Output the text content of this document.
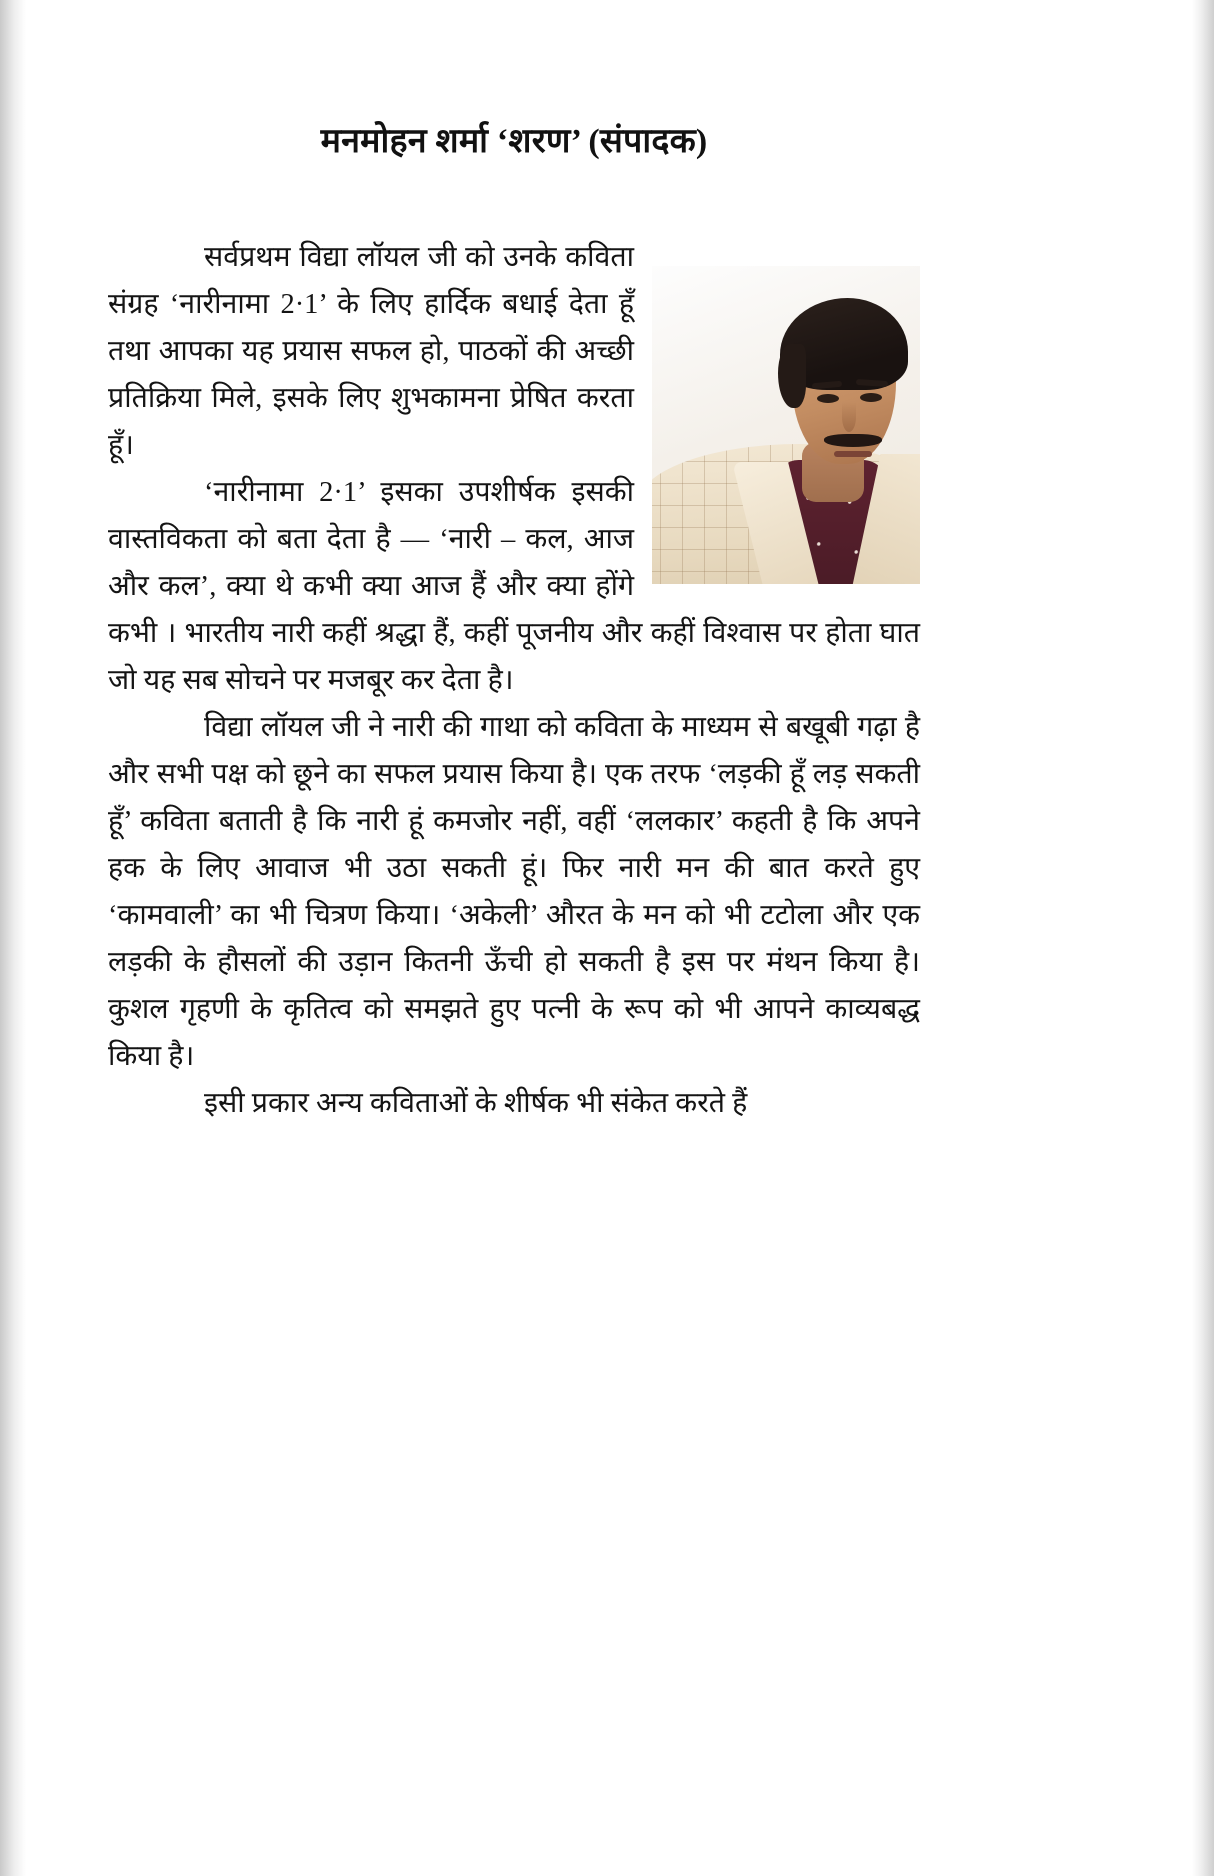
मनमोहन शर्मा ‘शरण’ (संपादक)

सर्वप्रथम विद्या लॉयल जी को उनके कविता संग्रह ‘नारीनामा 2·1’ के लिए हार्दिक बधाई देता हूँ तथा आपका यह प्रयास सफल हो, पाठकों की अच्छी प्रतिक्रिया मिले, इसके लिए शुभकामना प्रेषित करता हूँ।

‘नारीनामा 2·1’ इसका उपशीर्षक इसकी वास्तविकता को बता देता है — ‘नारी – कल, आज और कल’, क्या थे कभी क्या आज हैं और क्या होंगे कभी । भारतीय नारी कहीं श्रद्धा हैं, कहीं पूजनीय और कहीं विश्वास पर होता घात जो यह सब सोचने पर मजबूर कर देता है।

विद्या लॉयल जी ने नारी की गाथा को कविता के माध्यम से बखूबी गढ़ा है और सभी पक्ष को छूने का सफल प्रयास किया है। एक तरफ ‘लड़की हूँ लड़ सकती हूँ’ कविता बताती है कि नारी हूं कमजोर नहीं, वहीं ‘ललकार’ कहती है कि अपने हक के लिए आवाज भी उठा सकती हूं। फिर नारी मन की बात करते हुए ‘कामवाली’ का भी चित्रण किया। ‘अकेली’ औरत के मन को भी टटोला और एक लड़की के हौसलों की उड़ान कितनी ऊँची हो सकती है इस पर मंथन किया है। कुशल गृहणी के कृतित्व को समझते हुए पत्नी के रूप को भी आपने काव्यबद्ध किया है।

इसी प्रकार अन्य कविताओं के शीर्षक भी संकेत करते हैं
